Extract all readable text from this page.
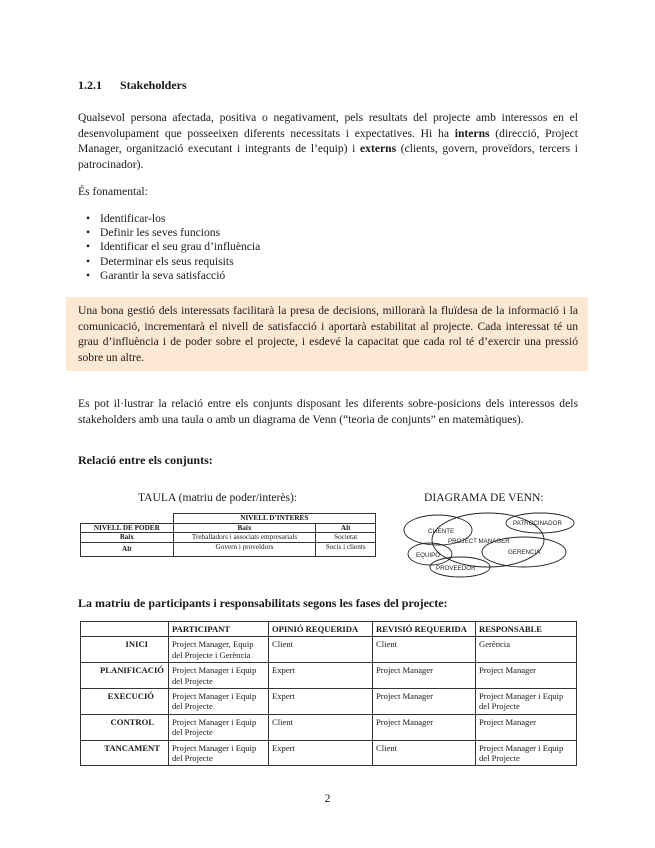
1.2.1 Stakeholders
Qualsevol persona afectada, positiva o negativament, pels resultats del projecte amb interessos en el desenvolupament que posseeixen diferents necessitats i expectatives. Hi ha interns (direcció, Project Manager, organització executant i integrants de l’equip) i externs (clients, govern, proveïdors, tercers i patrocinador).
És fonamental:
• Identificar-los
• Definir les seves funcions
• Identificar el seu grau d’influència
• Determinar els seus requisits
• Garantir la seva satisfacció
Una bona gestió dels interessats facilitarà la presa de decisions, millorarà la fluïdesa de la informació i la comunicació, incrementarà el nivell de satisfacció i aportarà estabilitat al projecte. Cada interessat té un grau d’influència i de poder sobre el projecte, i esdevé la capacitat que cada rol té d’exercir una pressió sobre un altre.
Es pot il·lustrar la relació entre els conjunts disposant les diferents sobre-posicions dels interessos dels stakeholders amb una taula o amb un diagrama de Venn (“teoria de conjunts” en matemàtiques).
Relació entre els conjunts:
TAULA (matriu de poder/interès):
	NIVELL D’INTERÈS	
NIVELL DE PODER	Baix	Alt
Baix	Treballadors i associats empresarials	Societat
Alt	Govern i proveïdors	Socis i clients
DIAGRAMA DE VENN:
CLIENTE
PATROCINADOR
PROJECT MANAGER
EQUIPO	GERENCIA
PROVEEDOR
La matriu de participants i responsabilitats segons les fases del projecte:
	PARTICIPANT	OPINIÓ REQUERIDA	REVISIÓ REQUERIDA	RESPONSABLE
INICI	Project Manager, Equip del Projecte i Gerència	Client	Client	Gerència
PLANIFICACIÓ	Project Manager i Equip del Projecte	Expert	Project Manager	Project Manager
EXECUCIÓ	Project Manager i Equip del Projecte	Expert	Project Manager	Project Manager i Equip del Projecte
CONTROL	Project Manager i Equip del Projecte	Client	Project Manager	Project Manager
TANCAMENT	Project Manager i Equip del Projecte	Expert	Client	Project Manager i Equip del Projecte
2
